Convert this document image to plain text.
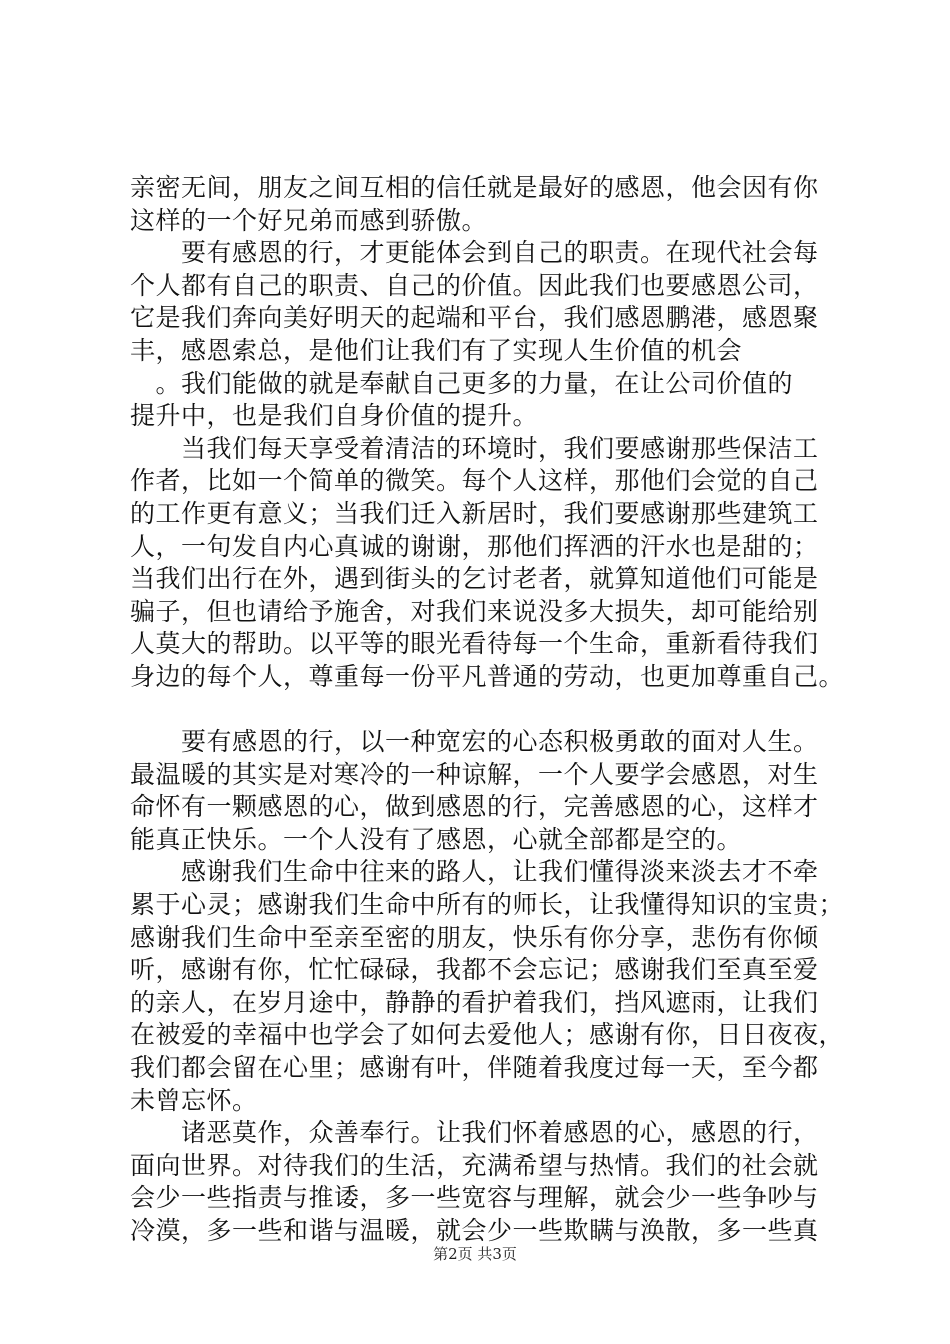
亲密无间，朋友之间互相的信任就是最好的感恩，他会因有你
这样的一个好兄弟而感到骄傲。
　　要有感恩的行，才更能体会到自己的职责。在现代社会每
个人都有自己的职责、自己的价值。因此我们也要感恩公司，
它是我们奔向美好明天的起端和平台，我们感恩鹏港，感恩聚
丰，感恩索总，是他们让我们有了实现人生价值的机会
　。我们能做的就是奉献自己更多的力量，在让公司价值的
提升中，也是我们自身价值的提升。
　　当我们每天享受着清洁的环境时，我们要感谢那些保洁工
作者，比如一个简单的微笑。每个人这样，那他们会觉的自己
的工作更有意义；当我们迁入新居时，我们要感谢那些建筑工
人，一句发自内心真诚的谢谢，那他们挥洒的汗水也是甜的；
当我们出行在外，遇到街头的乞讨老者，就算知道他们可能是
骗子，但也请给予施舍，对我们来说没多大损失，却可能给别
人莫大的帮助。以平等的眼光看待每一个生命，重新看待我们
身边的每个人，尊重每一份平凡普通的劳动，也更加尊重自己。
　　要有感恩的行，以一种宽宏的心态积极勇敢的面对人生。
最温暖的其实是对寒冷的一种谅解，一个人要学会感恩，对生
命怀有一颗感恩的心，做到感恩的行，完善感恩的心，这样才
能真正快乐。一个人没有了感恩，心就全部都是空的。
　　感谢我们生命中往来的路人，让我们懂得淡来淡去才不牵
累于心灵；感谢我们生命中所有的师长，让我懂得知识的宝贵；
感谢我们生命中至亲至密的朋友，快乐有你分享，悲伤有你倾
听，感谢有你，忙忙碌碌，我都不会忘记；感谢我们至真至爱
的亲人，在岁月途中，静静的看护着我们，挡风遮雨，让我们
在被爱的幸福中也学会了如何去爱他人；感谢有你，日日夜夜，
我们都会留在心里；感谢有叶，伴随着我度过每一天，至今都
未曾忘怀。
　　诸恶莫作，众善奉行。让我们怀着感恩的心，感恩的行，
面向世界。对待我们的生活，充满希望与热情。我们的社会就
会少一些指责与推诿，多一些宽容与理解，就会少一些争吵与
冷漠，多一些和谐与温暖，就会少一些欺瞒与涣散，多一些真
第2页 共3页
